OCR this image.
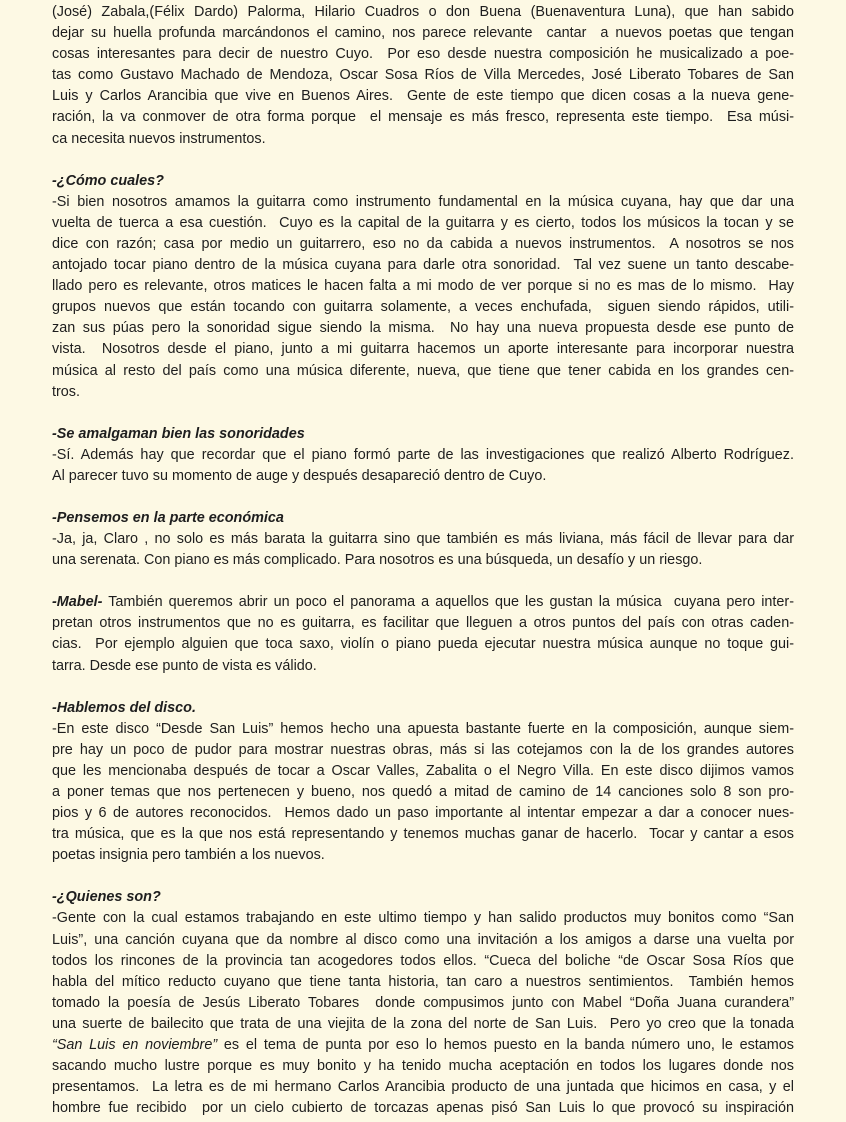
(José) Zabala,(Félix Dardo) Palorma, Hilario Cuadros o don Buena (Buenaventura Luna), que han sabido
dejar su huella profunda marcándonos el camino, nos parece relevante  cantar  a nuevos poetas que tengan
cosas interesantes para decir de nuestro Cuyo.  Por eso desde nuestra composición he musicalizado a poe-
tas como Gustavo Machado de Mendoza, Oscar Sosa Ríos de Villa Mercedes, José Liberato Tobares de San
Luis y Carlos Arancibia que vive en Buenos Aires.  Gente de este tiempo que dicen cosas a la nueva gene-
ración, la va conmover de otra forma porque  el mensaje es más fresco, representa este tiempo.  Esa músi-
ca necesita nuevos instrumentos.

-¿Cómo cuales?
-Si bien nosotros amamos la guitarra como instrumento fundamental en la música cuyana, hay que dar una
vuelta de tuerca a esa cuestión.  Cuyo es la capital de la guitarra y es cierto, todos los músicos la tocan y se
dice con razón; casa por medio un guitarrero, eso no da cabida a nuevos instrumentos.  A nosotros se nos
antojado tocar piano dentro de la música cuyana para darle otra sonoridad.  Tal vez suene un tanto descabe-
llado pero es relevante, otros matices le hacen falta a mi modo de ver porque si no es mas de lo mismo.  Hay
grupos nuevos que están tocando con guitarra solamente, a veces enchufada,  siguen siendo rápidos, utili-
zan sus púas pero la sonoridad sigue siendo la misma.  No hay una nueva propuesta desde ese punto de
vista.  Nosotros desde el piano, junto a mi guitarra hacemos un aporte interesante para incorporar nuestra
música al resto del país como una música diferente, nueva, que tiene que tener cabida en los grandes cen-
tros.

-Se amalgaman bien las sonoridades
-Sí. Además hay que recordar que el piano formó parte de las investigaciones que realizó Alberto Rodríguez.
Al parecer tuvo su momento de auge y después desapareció dentro de Cuyo.

-Pensemos en la parte económica
-Ja, ja, Claro , no solo es más barata la guitarra sino que también es más liviana, más fácil de llevar para dar
una serenata. Con piano es más complicado. Para nosotros es una búsqueda, un desafío y un riesgo.

-Mabel- También queremos abrir un poco el panorama a aquellos que les gustan la música  cuyana pero inter-
pretan otros instrumentos que no es guitarra, es facilitar que lleguen a otros puntos del país con otras caden-
cias.  Por ejemplo alguien que toca saxo, violín o piano pueda ejecutar nuestra música aunque no toque gui-
tarra. Desde ese punto de vista es válido.

-Hablemos del disco.
-En este disco “Desde San Luis” hemos hecho una apuesta bastante fuerte en la composición, aunque siem-
pre hay un poco de pudor para mostrar nuestras obras, más si las cotejamos con la de los grandes autores
que les mencionaba después de tocar a Oscar Valles, Zabalita o el Negro Villa. En este disco dijimos vamos
a poner temas que nos pertenecen y bueno, nos quedó a mitad de camino de 14 canciones solo 8 son pro-
pios y 6 de autores reconocidos.  Hemos dado un paso importante al intentar empezar a dar a conocer nues-
tra música, que es la que nos está representando y tenemos muchas ganar de hacerlo.  Tocar y cantar a esos
poetas insignia pero también a los nuevos.

-¿Quienes son?
-Gente con la cual estamos trabajando en este ultimo tiempo y han salido productos muy bonitos como “San
Luis”, una canción cuyana que da nombre al disco como una invitación a los amigos a darse una vuelta por
todos los rincones de la provincia tan acogedores todos ellos. “Cueca del boliche “de Oscar Sosa Ríos que
habla del mítico reducto cuyano que tiene tanta historia, tan caro a nuestros sentimientos.  También hemos
tomado la poesía de Jesús Liberato Tobares  donde compusimos junto con Mabel “Doña Juana curandera”
una suerte de bailecito que trata de una viejita de la zona del norte de San Luis.  Pero yo creo que la tonada
“San Luis en noviembre” es el tema de punta por eso lo hemos puesto en la banda número uno, le estamos
sacando mucho lustre porque es muy bonito y ha tenido mucha aceptación en todos los lugares donde nos
presentamos.  La letra es de mi hermano Carlos Arancibia producto de una juntada que hicimos en casa, y el
hombre fue recibido  por un cielo cubierto de torcazas apenas pisó San Luis lo que provocó su inspiración
